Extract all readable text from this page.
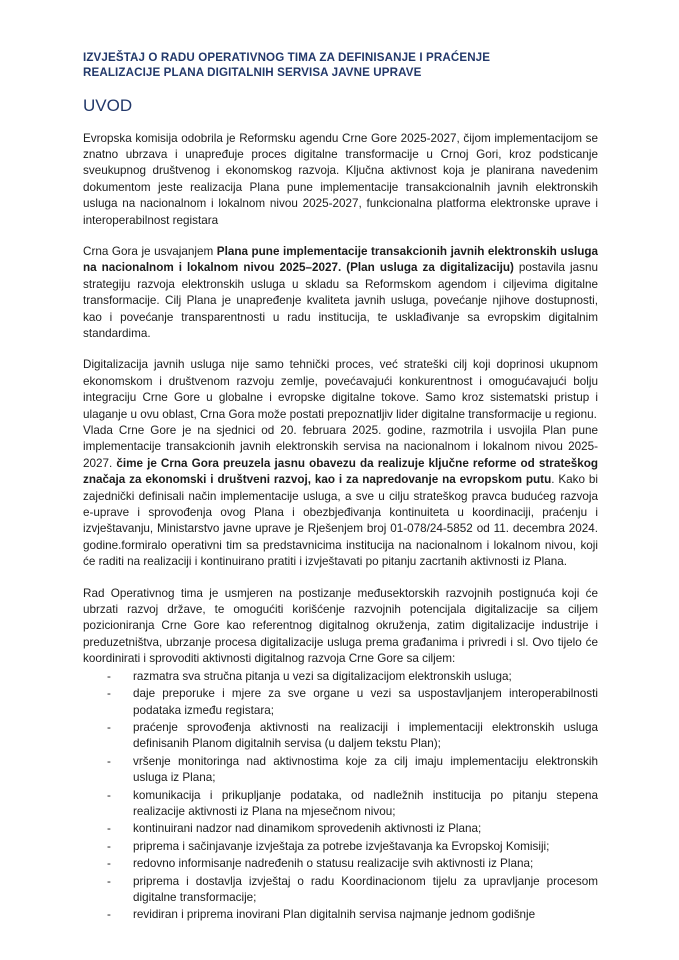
IZVJEŠTAJ O RADU OPERATIVNOG TIMA ZA DEFINISANJE I PRAĆENJE
REALIZACIJE PLANA DIGITALNIH SERVISA JAVNE UPRAVE
UVOD

Evropska komisija odobrila je Reformsku agendu Crne Gore 2025-2027, čijom implementacijom se znatno ubrzava i unapređuje proces digitalne transformacije u Crnoj Gori, kroz podsticanje sveukupnog društvenog i ekonomskog razvoja. Ključna aktivnost koja je planirana navedenim dokumentom jeste realizacija Plana pune implementacije transakcionalnih javnih elektronskih usluga na nacionalnom i lokalnom nivou 2025-2027, funkcionalna platforma elektronske uprave i interoperabilnost registara

Crna Gora je usvajanjem Plana pune implementacije transakcionih javnih elektronskih usluga na nacionalnom i lokalnom nivou 2025–2027. (Plan usluga za digitalizaciju) postavila jasnu strategiju razvoja elektronskih usluga u skladu sa Reformskom agendom i ciljevima digitalne transformacije. Cilj Plana je unapređenje kvaliteta javnih usluga, povećanje njihove dostupnosti, kao i povećanje transparentnosti u radu institucija, te usklađivanje sa evropskim digitalnim standardima.

Digitalizacija javnih usluga nije samo tehnički proces, već strateški cilj koji doprinosi ukupnom ekonomskom i društvenom razvoju zemlje, povećavajući konkurentnost i omogućavajući bolju integraciju Crne Gore u globalne i evropske digitalne tokove. Samo kroz sistematski pristup i ulaganje u ovu oblast, Crna Gora može postati prepoznatljiv lider digitalne transformacije u regionu.
Vlada Crne Gore je na sjednici od 20. februara 2025. godine, razmotrila i usvojila Plan pune implementacije transakcionih javnih elektronskih servisa na nacionalnom i lokalnom nivou 2025-2027. čime je Crna Gora preuzela jasnu obavezu da realizuje ključne reforme od strateškog značaja za ekonomski i društveni razvoj, kao i za napredovanje na evropskom putu. Kako bi zajednički definisali način implementacije usluga, a sve u cilju strateškog pravca budućeg razvoja e-uprave i sprovođenja ovog Plana i obezbjeđivanja kontinuiteta u koordinaciji, praćenju i izvještavanju, Ministarstvo javne uprave je Rješenjem broj 01-078/24-5852 od 11. decembra 2024. godine.formiralo operativni tim sa predstavnicima institucija na nacionalnom i lokalnom nivou, koji će raditi na realizaciji i kontinuirano pratiti i izvještavati po pitanju zacrtanih aktivnosti iz Plana.

Rad Operativnog tima je usmjeren na postizanje međusektorskih razvojnih postignuća koji će ubrzati razvoj države, te omogućiti korišćenje razvojnih potencijala digitalizacije sa ciljem pozicioniranja Crne Gore kao referentnog digitalnog okruženja, zatim digitalizacije industrije i preduzetništva, ubrzanje procesa digitalizacije usluga prema građanima i privredi i sl. Ovo tijelo će koordinirati i sprovoditi aktivnosti digitalnog razvoja Crne Gore sa ciljem:

- razmatra sva stručna pitanja u vezi sa digitalizacijom elektronskih usluga;
- daje preporuke i mjere za sve organe u vezi sa uspostavljanjem interoperabilnosti podataka između registara;
- praćenje sprovođenja aktivnosti na realizaciji i implementaciji elektronskih usluga definisanih Planom digitalnih servisa (u daljem tekstu Plan);
- vršenje monitoringa nad aktivnostima koje za cilj imaju implementaciju elektronskih usluga iz Plana;
- komunikacija i prikupljanje podataka, od nadležnih institucija po pitanju stepena realizacije aktivnosti iz Plana na mjesečnom nivou;
- kontinuirani nadzor nad dinamikom sprovedenih aktivnosti iz Plana;
- priprema i sačinjavanje izvještaja za potrebe izvještavanja ka Evropskoj Komisiji;
- redovno informisanje nadređenih o statusu realizacije svih aktivnosti iz Plana;
- priprema i dostavlja izvještaj o radu Koordinacionom tijelu za upravljanje procesom digitalne transformacije;
- revidiran i priprema inovirani Plan digitalnih servisa najmanje jednom godišnje
